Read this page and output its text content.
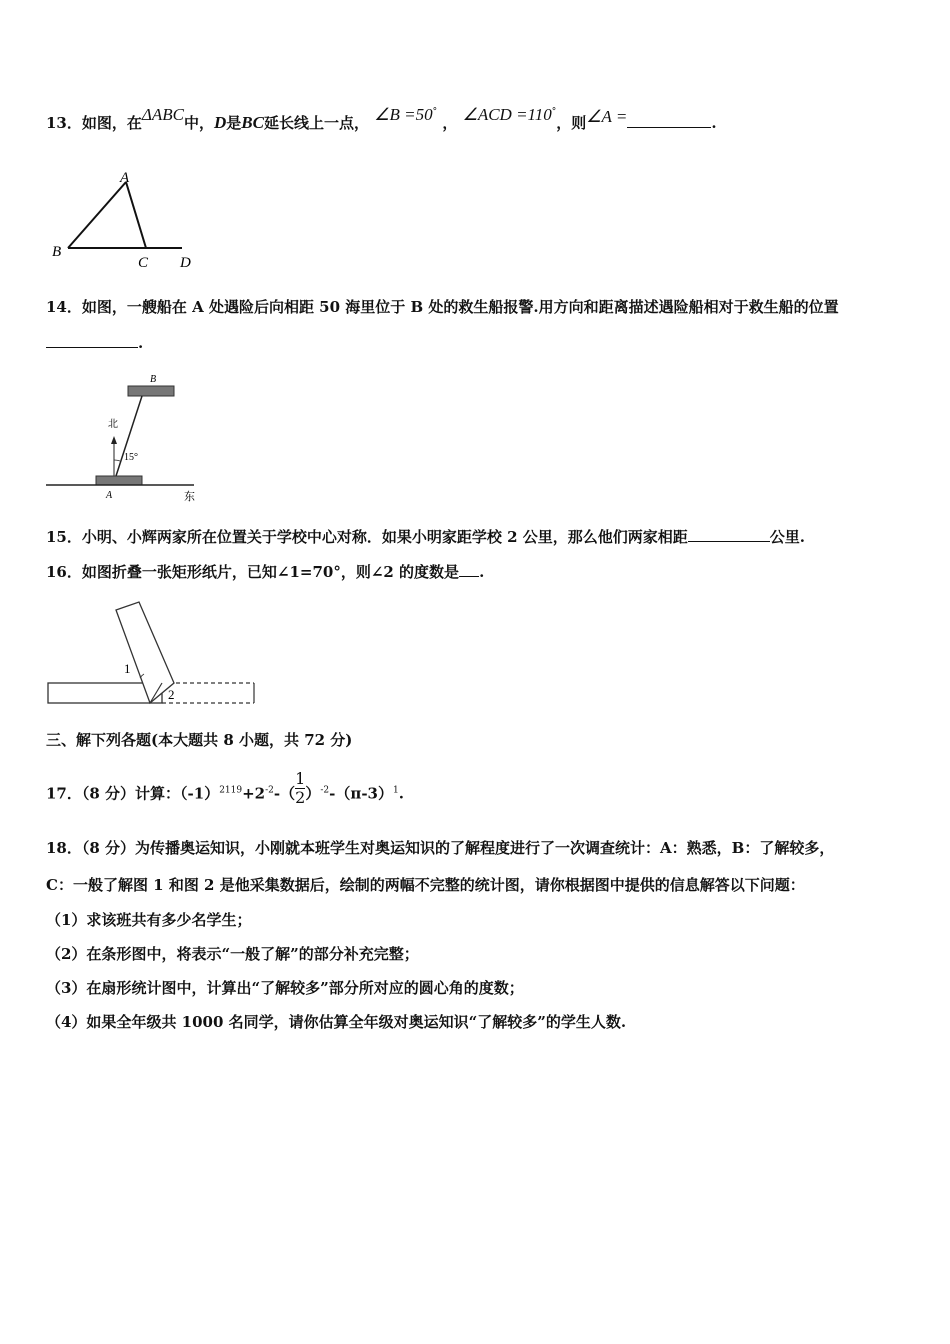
13．如图，在ΔABC中，D是BC延长线上一点， ∠B =50° ， ∠ACD =110°，则∠A =	.
A
B
C D
14．如图，一艘船在 A 处遇险后向相距 50 海里位于 B 处的救生船报警.用方向和距离描述遇险船相对于救生船的位置
.
B
北
15°
A	东
15．小明、小辉两家所在位置关于学校中心对称．如果小明家距学校 2 公里，那么他们两家相距	公里.
16．如图折叠一张矩形纸片，已知∠1=70°，则∠2 的度数是 .
1
2
三、解下列各题(本大题共 8 小题，共 72 分)
17．（8 分）计算：$(-1)^{2119}+2^{-2}-( \frac{1}{2} )^{-2}-(\pi-3)^1$.
18．（8 分）为传播奥运知识，小刚就本班学生对奥运知识的了解程度进行了一次调查统计：A：熟悉，B：了解较多，
C：一般了解图 1 和图 2 是他采集数据后，绘制的两幅不完整的统计图，请你根据图中提供的信息解答以下问题：
（1）求该班共有多少名学生；
（2）在条形图中，将表示“一般了解”的部分补充完整；
（3）在扇形统计图中，计算出“了解较多”部分所对应的圆心角的度数；
（4）如果全年级共 1000 名同学，请你估算全年级对奥运知识“了解较多”的学生人数.
